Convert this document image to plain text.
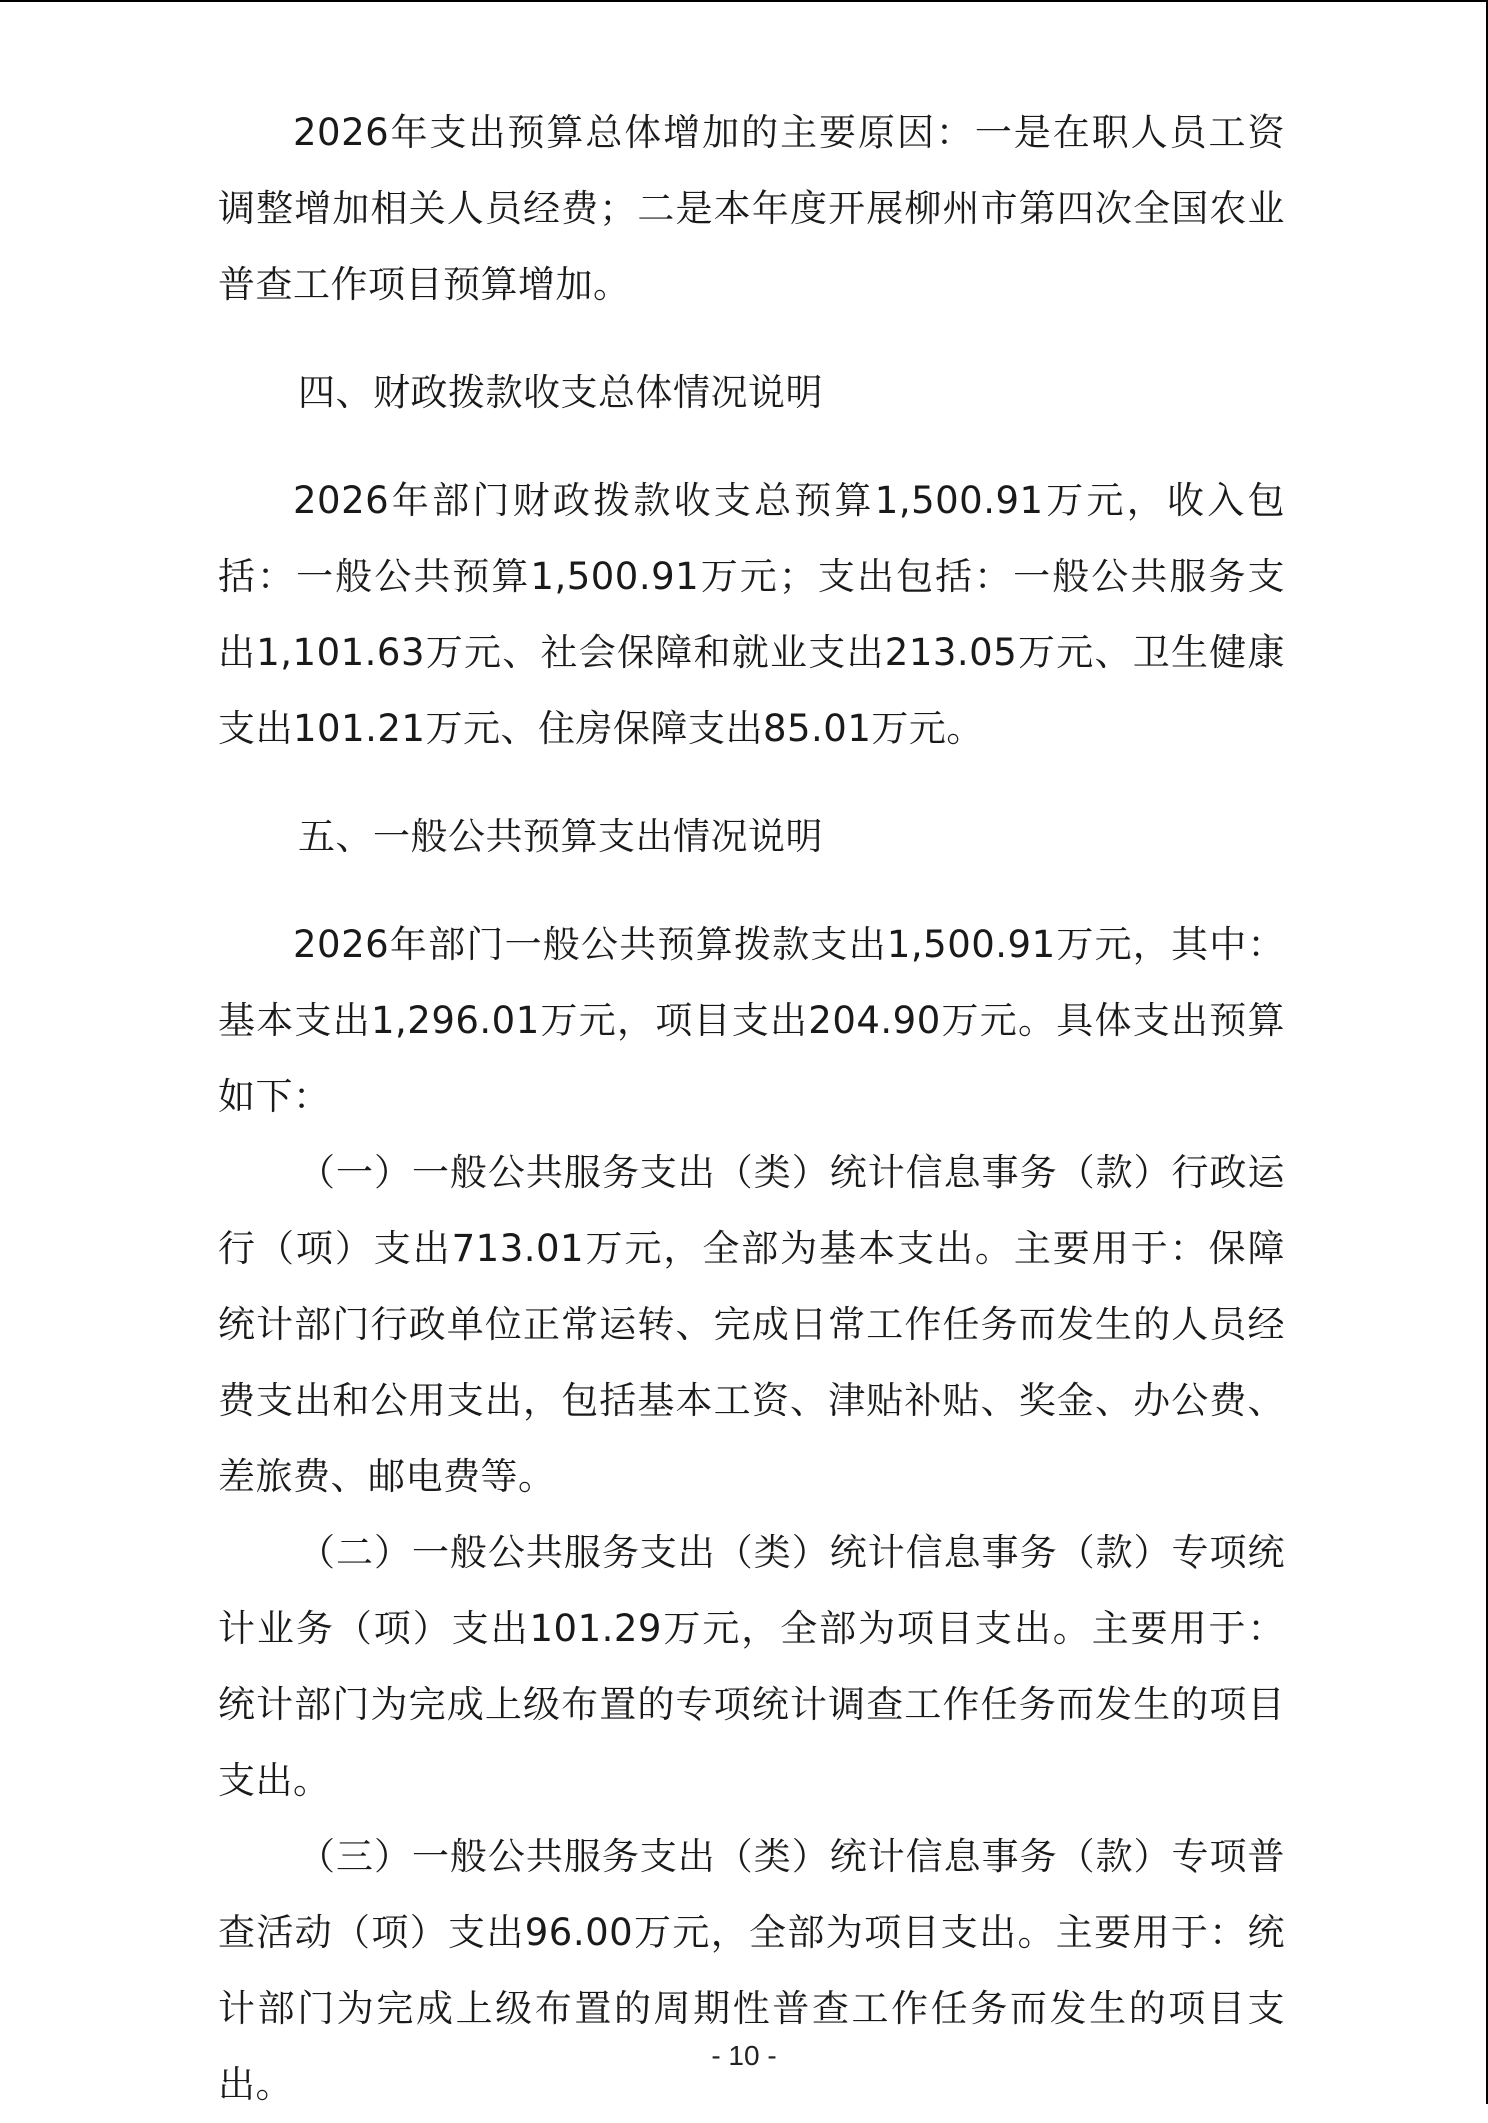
2026年支出预算总体增加的主要原因：一是在职人员工资调整增加相关人员经费；二是本年度开展柳州市第四次全国农业普查工作项目预算增加。

四、财政拨款收支总体情况说明

2026年部门财政拨款收支总预算1,500.91万元，收入包括：一般公共预算1,500.91万元；支出包括：一般公共服务支出1,101.63万元、社会保障和就业支出213.05万元、卫生健康支出101.21万元、住房保障支出85.01万元。

五、一般公共预算支出情况说明

2026年部门一般公共预算拨款支出1,500.91万元，其中：基本支出1,296.01万元，项目支出204.90万元。具体支出预算如下：

（一）一般公共服务支出（类）统计信息事务（款）行政运行（项）支出713.01万元，全部为基本支出。主要用于：保障统计部门行政单位正常运转、完成日常工作任务而发生的人员经费支出和公用支出，包括基本工资、津贴补贴、奖金、办公费、差旅费、邮电费等。

（二）一般公共服务支出（类）统计信息事务（款）专项统计业务（项）支出101.29万元，全部为项目支出。主要用于：统计部门为完成上级布置的专项统计调查工作任务而发生的项目支出。

（三）一般公共服务支出（类）统计信息事务（款）专项普查活动（项）支出96.00万元，全部为项目支出。主要用于：统计部门为完成上级布置的周期性普查工作任务而发生的项目支出。

- 10 -
